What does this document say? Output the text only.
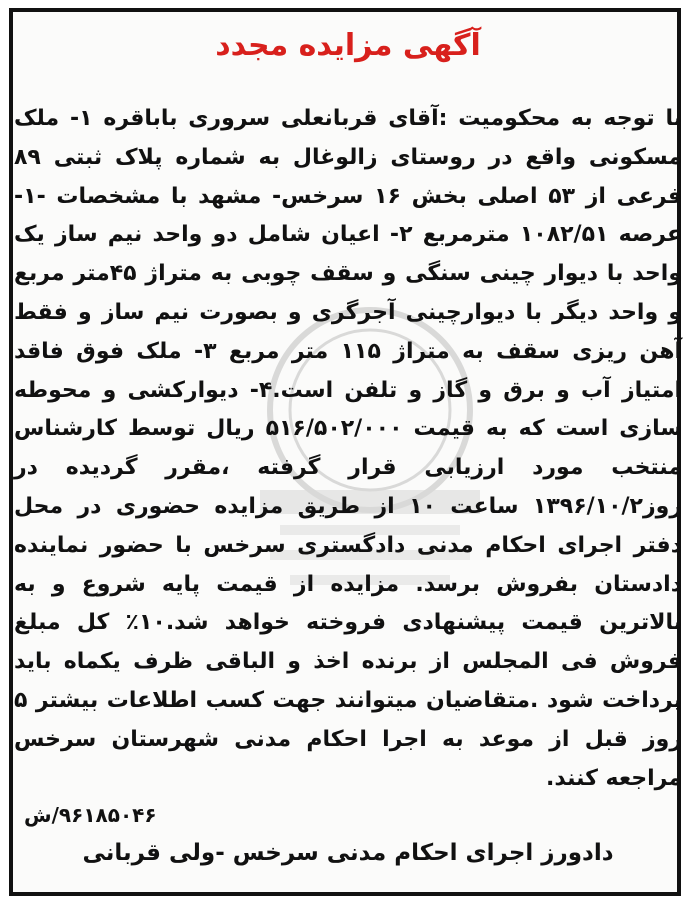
آگهی مزایده مجدد
با توجه به محکومیت :آقای قربانعلی سروری باباقره ۱- ملک مسکونی واقع در روستای زالوغال به شماره پلاک ثبتی ۸۹ فرعی از ۵۳ اصلی بخش ۱۶ سرخس- مشهد با مشخصات -۱- عرصه ۱۰۸۲/۵۱ مترمربع ۲- اعیان شامل دو واحد نیم ساز یک واحد با دیوار چینی سنگی و سقف چوبی به متراژ ۴۵متر مربع و واحد دیگر با دیوارچینی آجرگری و بصورت نیم ساز و فقط آهن ریزی سقف به متراژ ۱۱۵ متر مربع ۳- ملک فوق فاقد امتیاز آب و برق و گاز و تلفن است.۴- دیوارکشی و محوطه سازی است که به قیمت ۵۱۶/۵۰۲/۰۰۰ ریال توسط کارشناس منتخب مورد ارزیابی قرار گرفته ،مقرر گردیده در روز۱۳۹۶/۱۰/۲ ساعت ۱۰ از طریق مزایده حضوری در محل دفتر اجرای احکام مدنی دادگستری سرخس با حضور نماینده دادستان بفروش برسد. مزایده از قیمت پایه شروع و به بالاترین قیمت پیشنهادی فروخته خواهد شد.۱۰٪ کل مبلغ فروش فی المجلس از برنده اخذ و الباقی ظرف یکماه باید پرداخت شود .متقاضیان میتوانند جهت کسب اطلاعات بیشتر ۵ روز قبل از موعد به اجرا احکام مدنی شهرستان سرخس مراجعه کنند.
۹۶۱۸۵۰۴۶/ش
دادورز اجرای احکام مدنی سرخس -ولی قربانی
